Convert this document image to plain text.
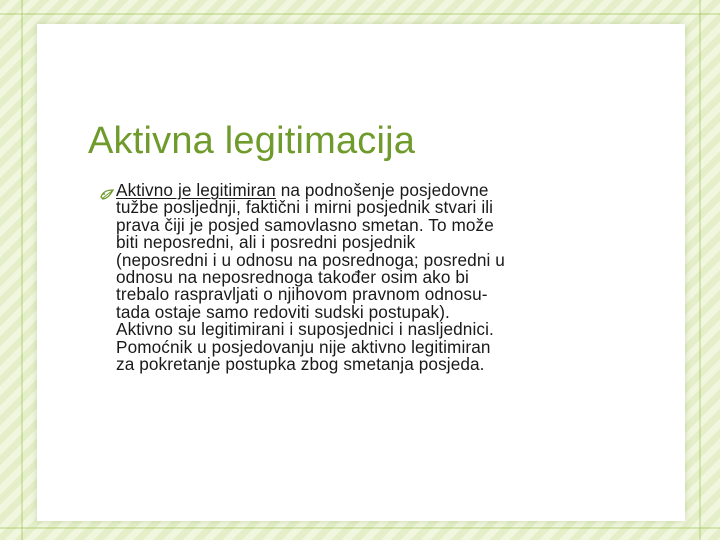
Aktivna legitimacija
Aktivno je legitimiran na podnošenje posjedovne
tužbe posljednji, faktični i mirni posjednik stvari ili
prava čiji je posjed samovlasno smetan. To može
biti neposredni, ali i posredni posjednik
(neposredni i u odnosu na posrednoga; posredni u
odnosu na neposrednoga također osim ako bi
trebalo raspravljati o njihovom pravnom odnosu-
tada ostaje samo redoviti sudski postupak).
Aktivno su legitimirani i suposjednici i nasljednici.
Pomoćnik u posjedovanju nije aktivno legitimiran
za pokretanje postupka zbog smetanja posjeda.
